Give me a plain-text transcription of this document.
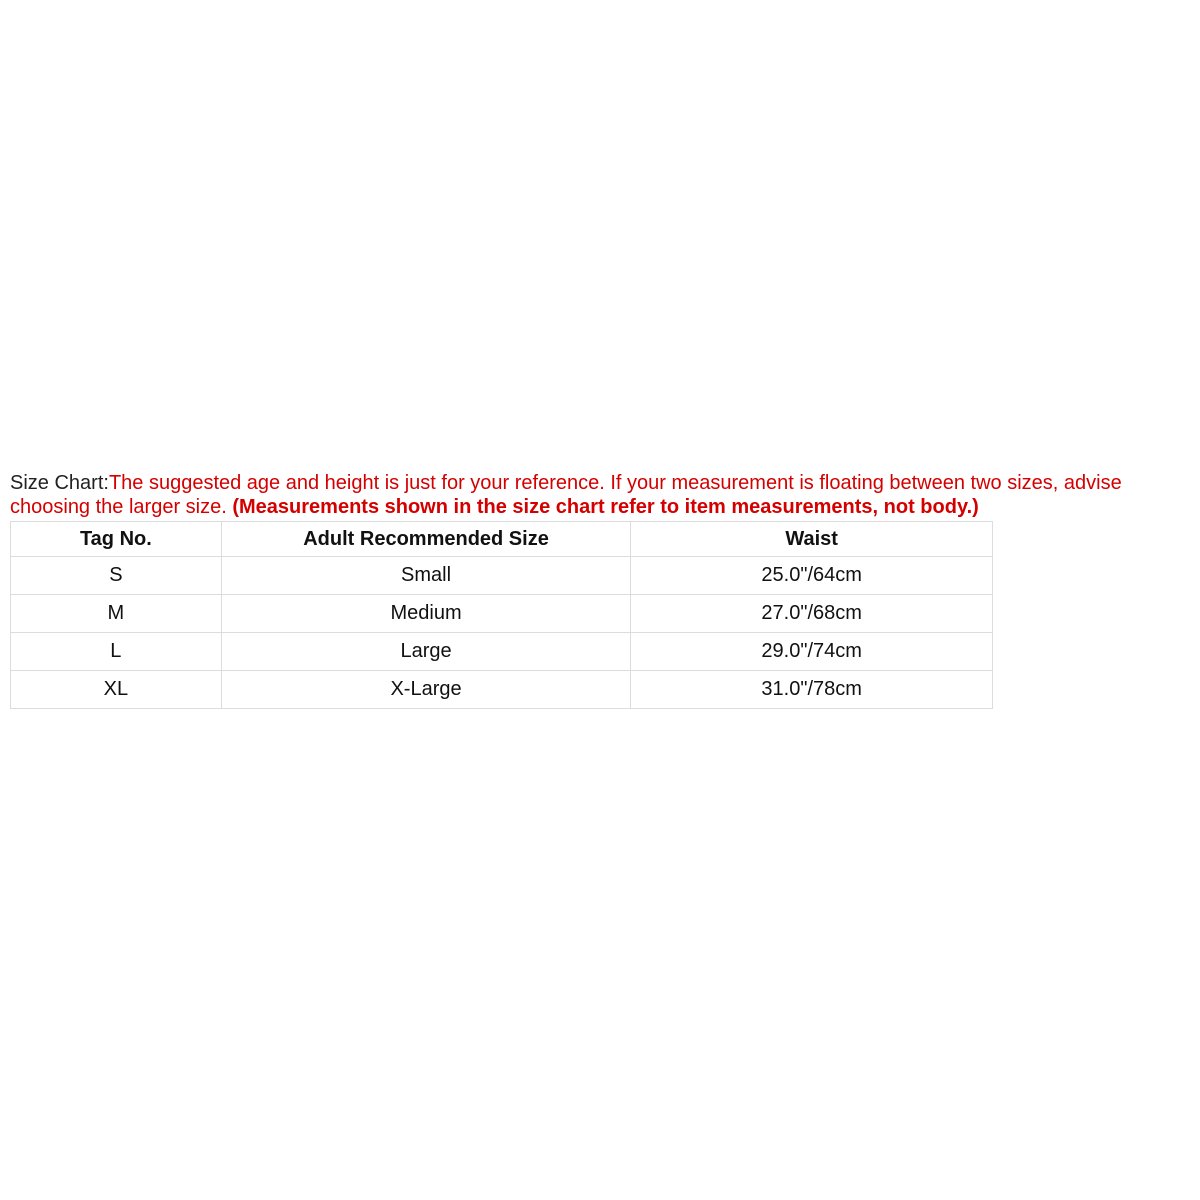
Size Chart:The suggested age and height is just for your reference. If your measurement is floating between two sizes, advise choosing the larger size. (Measurements shown in the size chart refer to item measurements, not body.)
Tag No.	Adult Recommended Size	Waist
S	Small	25.0"/64cm
M	Medium	27.0"/68cm
L	Large	29.0"/74cm
XL	X-Large	31.0"/78cm
